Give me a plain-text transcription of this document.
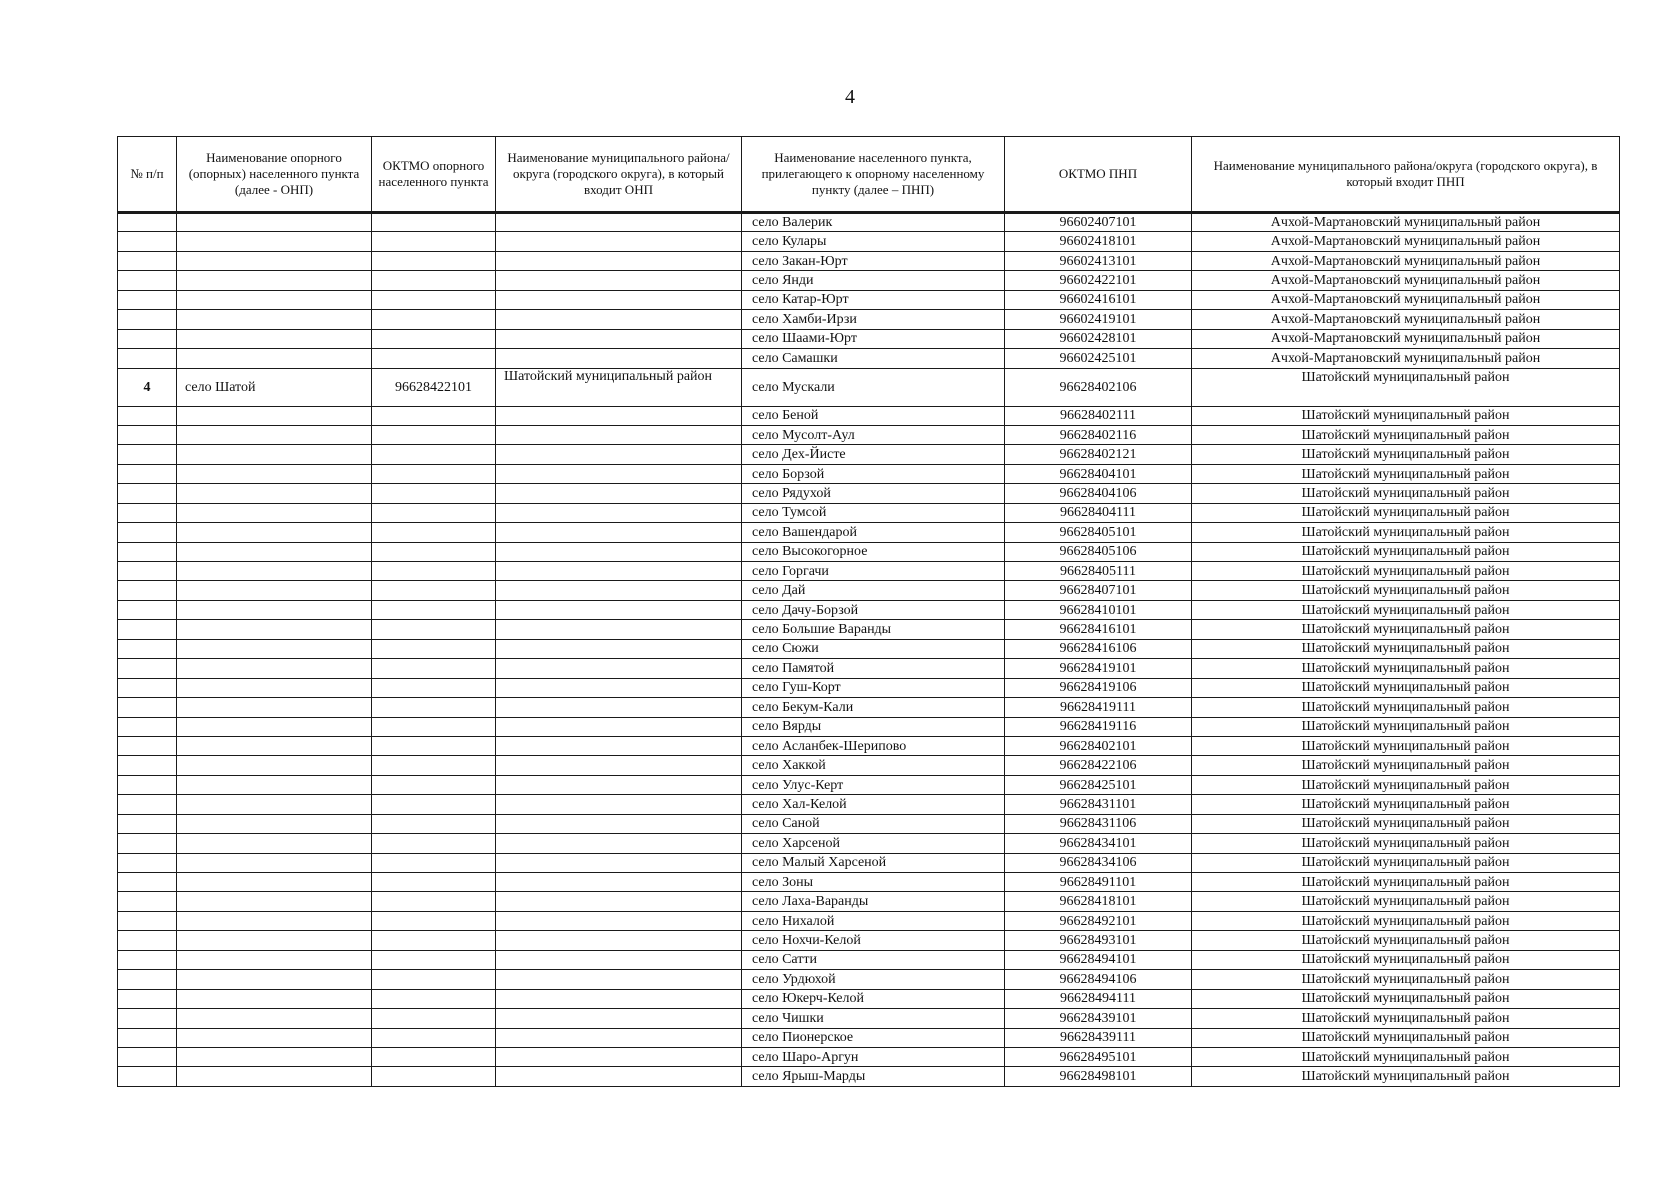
4
№ п/п	Наименование опорного (опорных) населенного пункта (далее - ОНП)	ОКТМО опорного населенного пункта	Наименование муниципального района/округа (городского округа), в который входит ОНП	Наименование населенного пункта, прилегающего к опорному населенному пункту (далее – ПНП)	ОКТМО ПНП	Наименование муниципального района/округа (городского округа), в который входит ПНП
				село Валерик	96602407101	Ачхой-Мартановский муниципальный район
				село Кулары	96602418101	Ачхой-Мартановский муниципальный район
				село Закан-Юрт	96602413101	Ачхой-Мартановский муниципальный район
				село Янди	96602422101	Ачхой-Мартановский муниципальный район
				село Катар-Юрт	96602416101	Ачхой-Мартановский муниципальный район
				село Хамби-Ирзи	96602419101	Ачхой-Мартановский муниципальный район
				село Шаами-Юрт	96602428101	Ачхой-Мартановский муниципальный район
				село Самашки	96602425101	Ачхой-Мартановский муниципальный район
4	село Шатой	96628422101	Шатойский муниципальный район	село Мускали	96628402106	Шатойский муниципальный район
				село Беной	96628402111	Шатойский муниципальный район
				село Мусолт-Аул	96628402116	Шатойский муниципальный район
				село Дех-Йисте	96628402121	Шатойский муниципальный район
				село Борзой	96628404101	Шатойский муниципальный район
				село Рядухой	96628404106	Шатойский муниципальный район
				село Тумсой	96628404111	Шатойский муниципальный район
				село Вашендарой	96628405101	Шатойский муниципальный район
				село Высокогорное	96628405106	Шатойский муниципальный район
				село Горгачи	96628405111	Шатойский муниципальный район
				село Дай	96628407101	Шатойский муниципальный район
				село Дачу-Борзой	96628410101	Шатойский муниципальный район
				село Большие Варанды	96628416101	Шатойский муниципальный район
				село Сюжи	96628416106	Шатойский муниципальный район
				село Памятой	96628419101	Шатойский муниципальный район
				село Гуш-Корт	96628419106	Шатойский муниципальный район
				село Бекум-Кали	96628419111	Шатойский муниципальный район
				село Вярды	96628419116	Шатойский муниципальный район
				село Асланбек-Шерипово	96628402101	Шатойский муниципальный район
				село Хаккой	96628422106	Шатойский муниципальный район
				село Улус-Керт	96628425101	Шатойский муниципальный район
				село Хал-Келой	96628431101	Шатойский муниципальный район
				село Саной	96628431106	Шатойский муниципальный район
				село Харсеной	96628434101	Шатойский муниципальный район
				село Малый Харсеной	96628434106	Шатойский муниципальный район
				село Зоны	96628491101	Шатойский муниципальный район
				село Лаха-Варанды	96628418101	Шатойский муниципальный район
				село Нихалой	96628492101	Шатойский муниципальный район
				село Нохчи-Келой	96628493101	Шатойский муниципальный район
				село Сатти	96628494101	Шатойский муниципальный район
				село Урдюхой	96628494106	Шатойский муниципальный район
				село Юкерч-Келой	96628494111	Шатойский муниципальный район
				село Чишки	96628439101	Шатойский муниципальный район
				село Пионерское	96628439111	Шатойский муниципальный район
				село Шаро-Аргун	96628495101	Шатойский муниципальный район
				село Ярыш-Марды	96628498101	Шатойский муниципальный район
